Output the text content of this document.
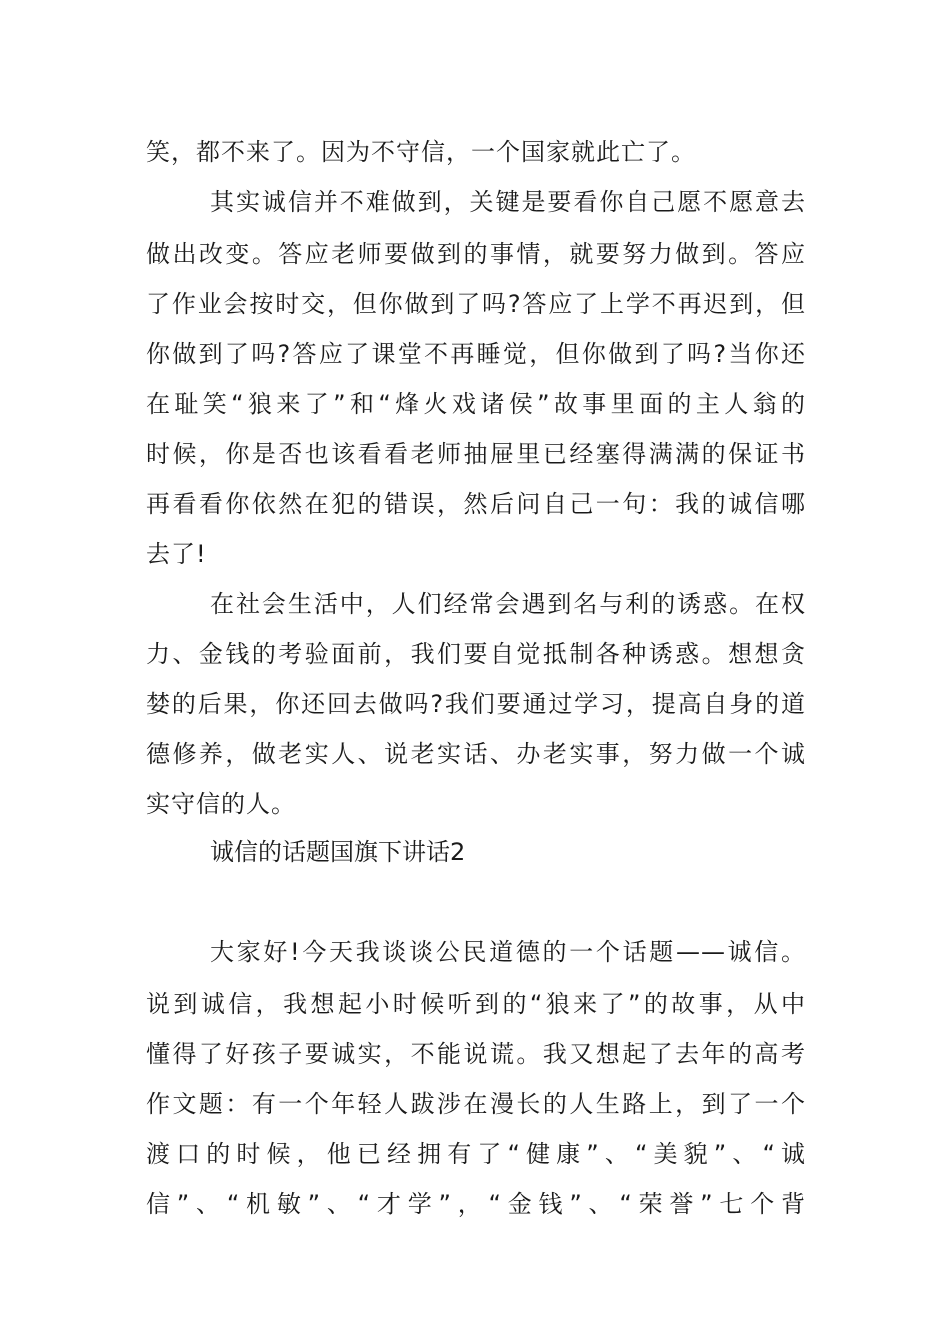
笑，都不来了。因为不守信，一个国家就此亡了。
其实诚信并不难做到，关键是要看你自己愿不愿意去
做出改变。答应老师要做到的事情，就要努力做到。答应
了作业会按时交，但你做到了吗?答应了上学不再迟到，但
你做到了吗?答应了课堂不再睡觉，但你做到了吗?当你还
在耻笑“狼来了”和“烽火戏诸侯”故事里面的主人翁的
时候，你是否也该看看老师抽屉里已经塞得满满的保证书
再看看你依然在犯的错误，然后问自己一句：我的诚信哪
去了!
在社会生活中，人们经常会遇到名与利的诱惑。在权
力、金钱的考验面前，我们要自觉抵制各种诱惑。想想贪
婪的后果，你还回去做吗?我们要通过学习，提高自身的道
德修养，做老实人、说老实话、办老实事，努力做一个诚
实守信的人。
诚信的话题国旗下讲话2
大家好!今天我谈谈公民道德的一个话题——诚信。
说到诚信，我想起小时候听到的“狼来了”的故事，从中
懂得了好孩子要诚实，不能说谎。我又想起了去年的高考
作文题：有一个年轻人跋涉在漫长的人生路上，到了一个
渡口的时候，他已经拥有了“健康”、“美貌”、“诚
信”、“机敏”、“才学”，“金钱”、“荣誉”七个背
